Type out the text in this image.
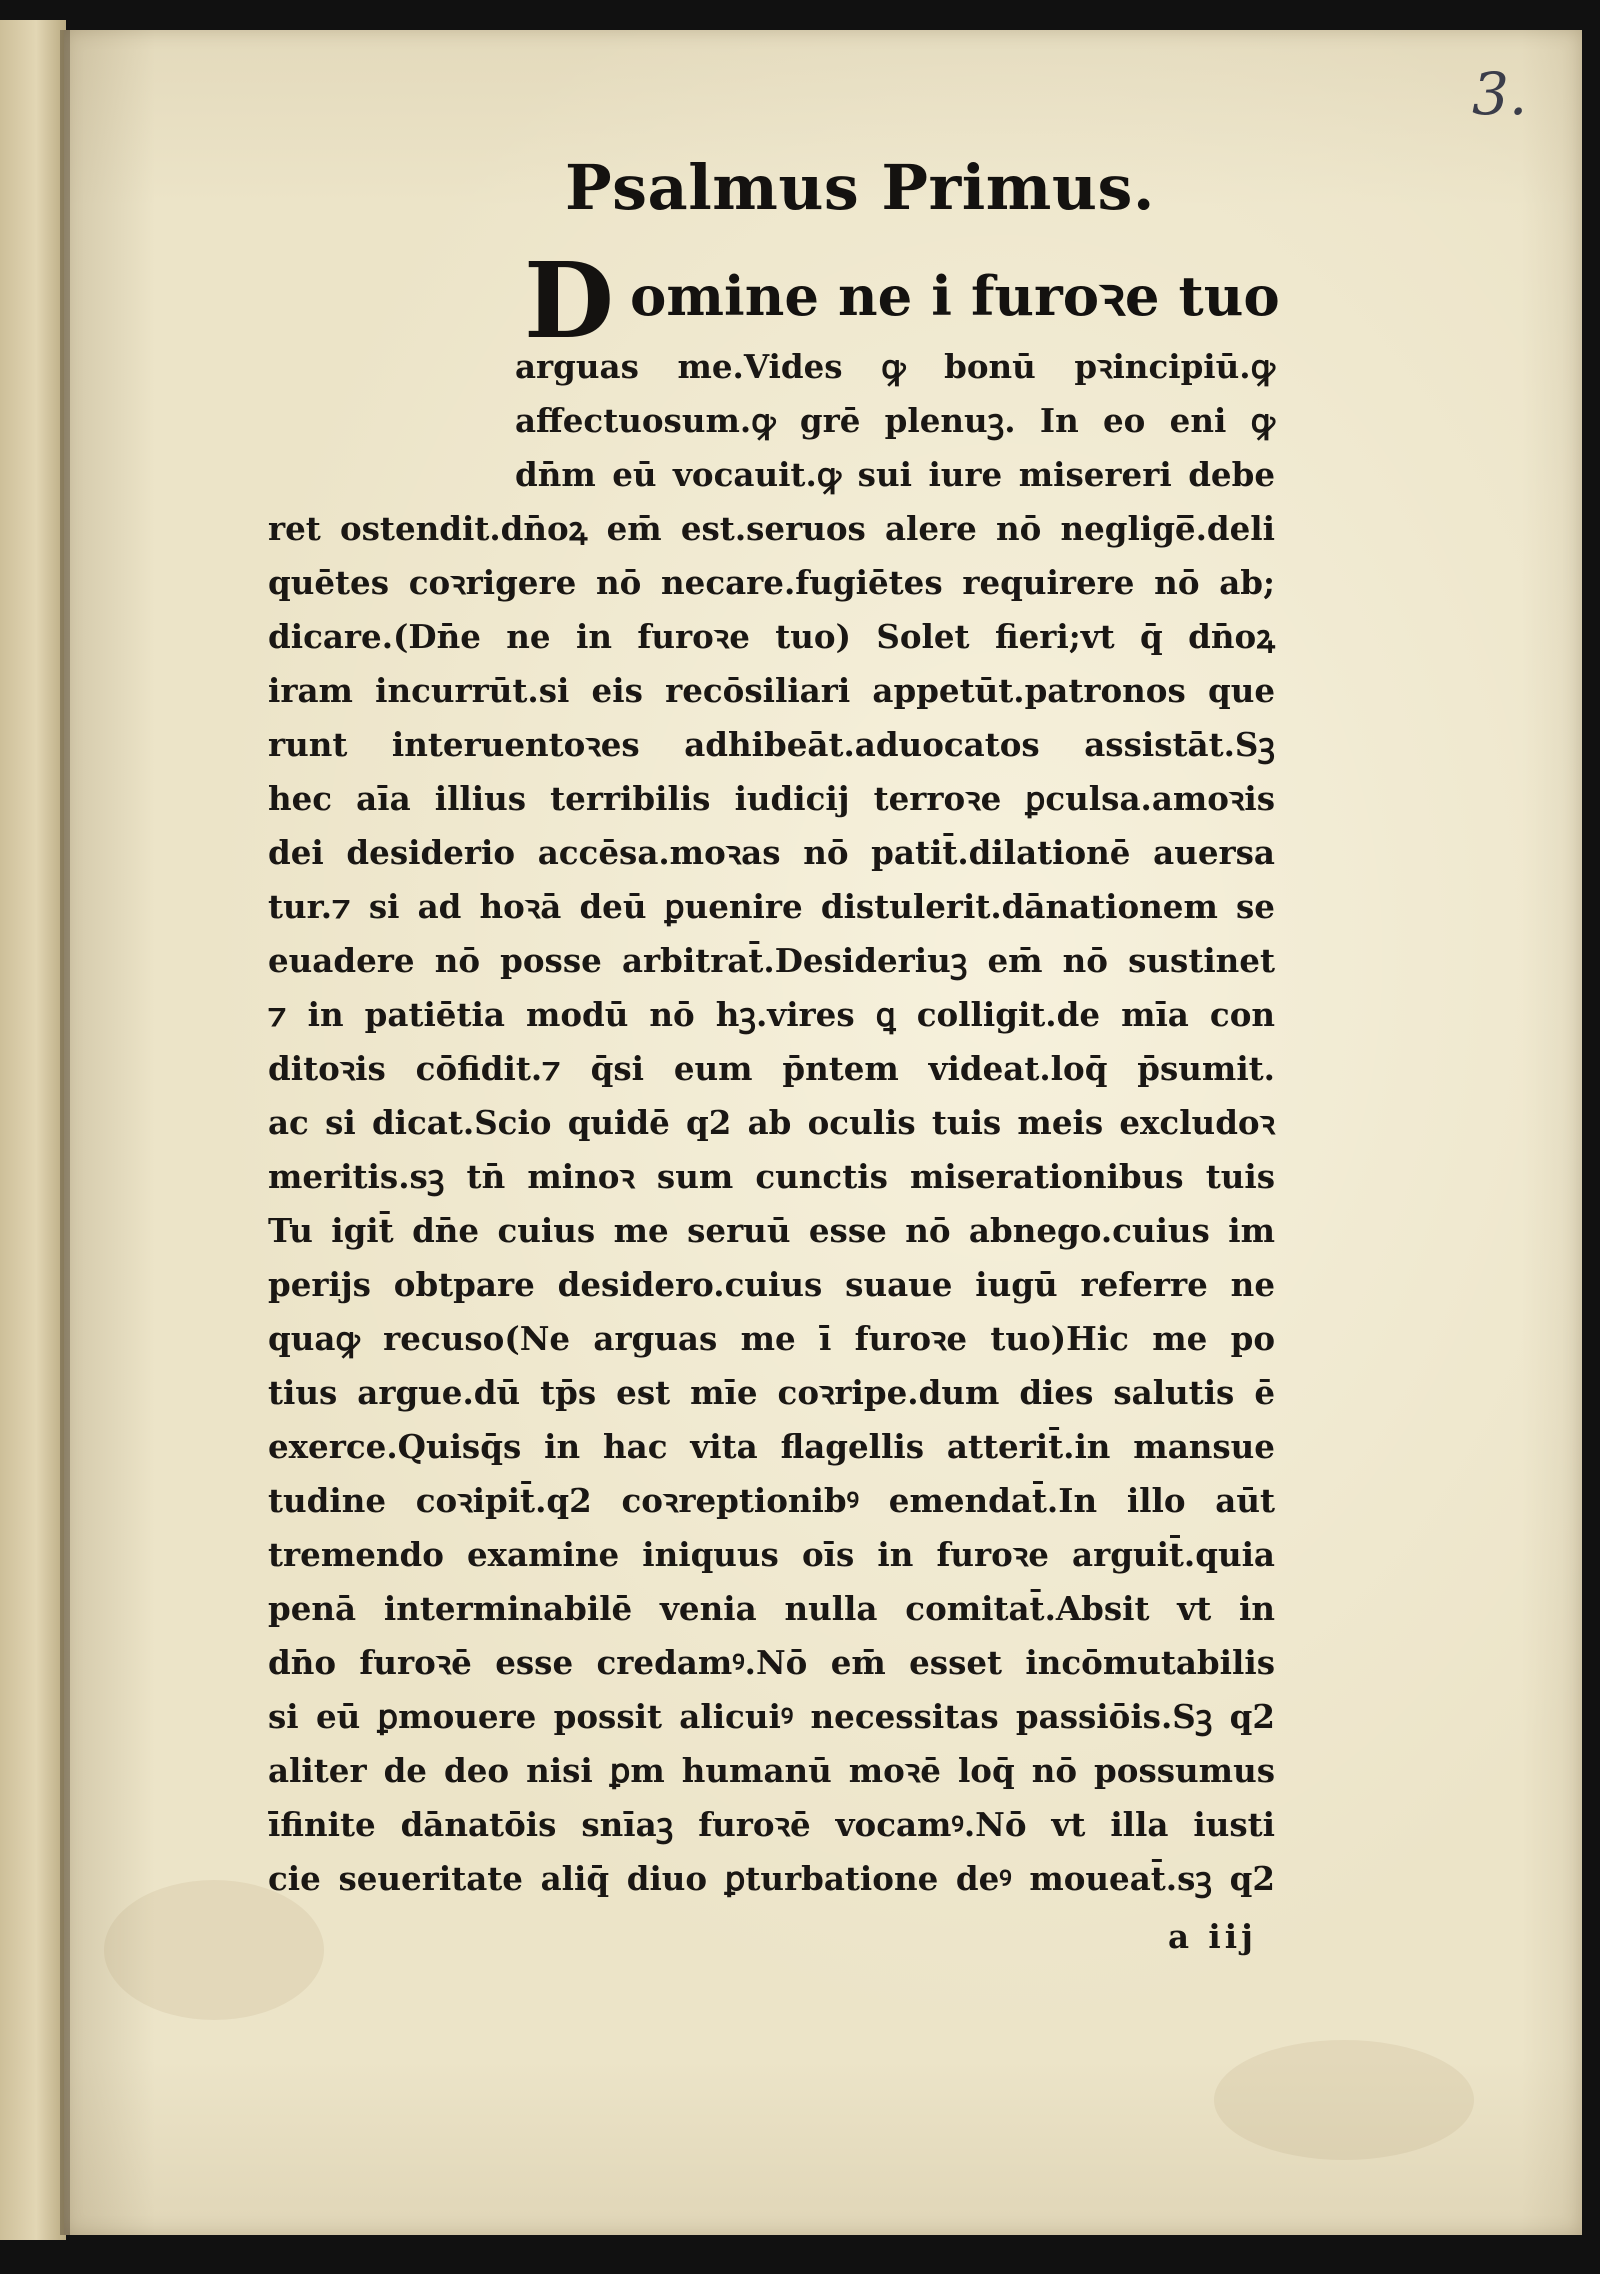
3.
Psalmus Primus.
D omine ne i furoꝛe tuo
arguas me.Vides ꝙ bonū pꝛincipiū.ꝙ
affectuosum.ꝙ grē plenuꝫ. In eo eni ꝙ
dn̄m eū vocauit.ꝙ sui iure misereri debe
ret ostendit.dn̄oꝝ em̄ est.seruos alere nō neglige̅.deli
quētes coꝛrigere nō necare.fugiētes requirere nō ab;
dicare.(Dn̄e ne in furoꝛe tuo) Solet fieri;vt q̄ dn̄oꝝ
iram incurrūt.si eis recōsiliari appetūt.patronos que
runt interuentoꝛes adhibeāt.aduocatos assistāt.Sꝫ
hec aīa illius terribilis iudicij terroꝛe ꝑculsa.amoꝛis
dei desiderio accēsa.moꝛas nō patit̄.dilationē auersa
tur.⁊ si ad hoꝛā deū ꝑuenire distulerit.dānationem se
euadere nō posse arbitrat̄.Desideriuꝫ em̄ nō sustinet
⁊ in patiētia modū nō hꝫ.vires ꝗ colligit.de mīa con
ditoꝛis cōfidit.⁊ q̄si eum p̄ntem videat.loq̄ p̄sumit.
ac si dicat.Scio quidē q2 ab oculis tuis meis excludoꝛ
meritis.sꝫ tn̄ minoꝛ sum cunctis miserationibus tuis
Tu igit̄ dn̄e cuius me seruū esse nō abnego.cuius im
perijs obtpare desidero.cuius suaue iugū referre ne
quaꝙ recuso(Ne arguas me ī furoꝛe tuo)Hic me po
tius argue.dū tp̄s est mīe coꝛripe.dum dies salutis ē
exerce.Quisq̄s in hac vita flagellis atterit̄.in mansue
tudine coꝛipit̄.q2 coꝛreptionibꝰ emendat̄.In illo aūt
tremendo examine iniquus oīs in furoꝛe arguit̄.quia
penā interminabilē venia nulla comitat̄.Absit vt in
dn̄o furoꝛē esse credamꝰ.Nō em̄ esset incōmutabilis
si eū ꝑmouere possit alicuiꝰ necessitas passiōis.Sꝫ q2
aliter de deo nisi ꝑm humanū moꝛē loq̄ nō possumus
īfinite dānatōis snīaꝫ furoꝛē vocamꝰ.Nō vt illa iusti
cie seueritate aliq̄ diuo ꝑturbatione deꝰ moueat̄.sꝫ q2
a iij
